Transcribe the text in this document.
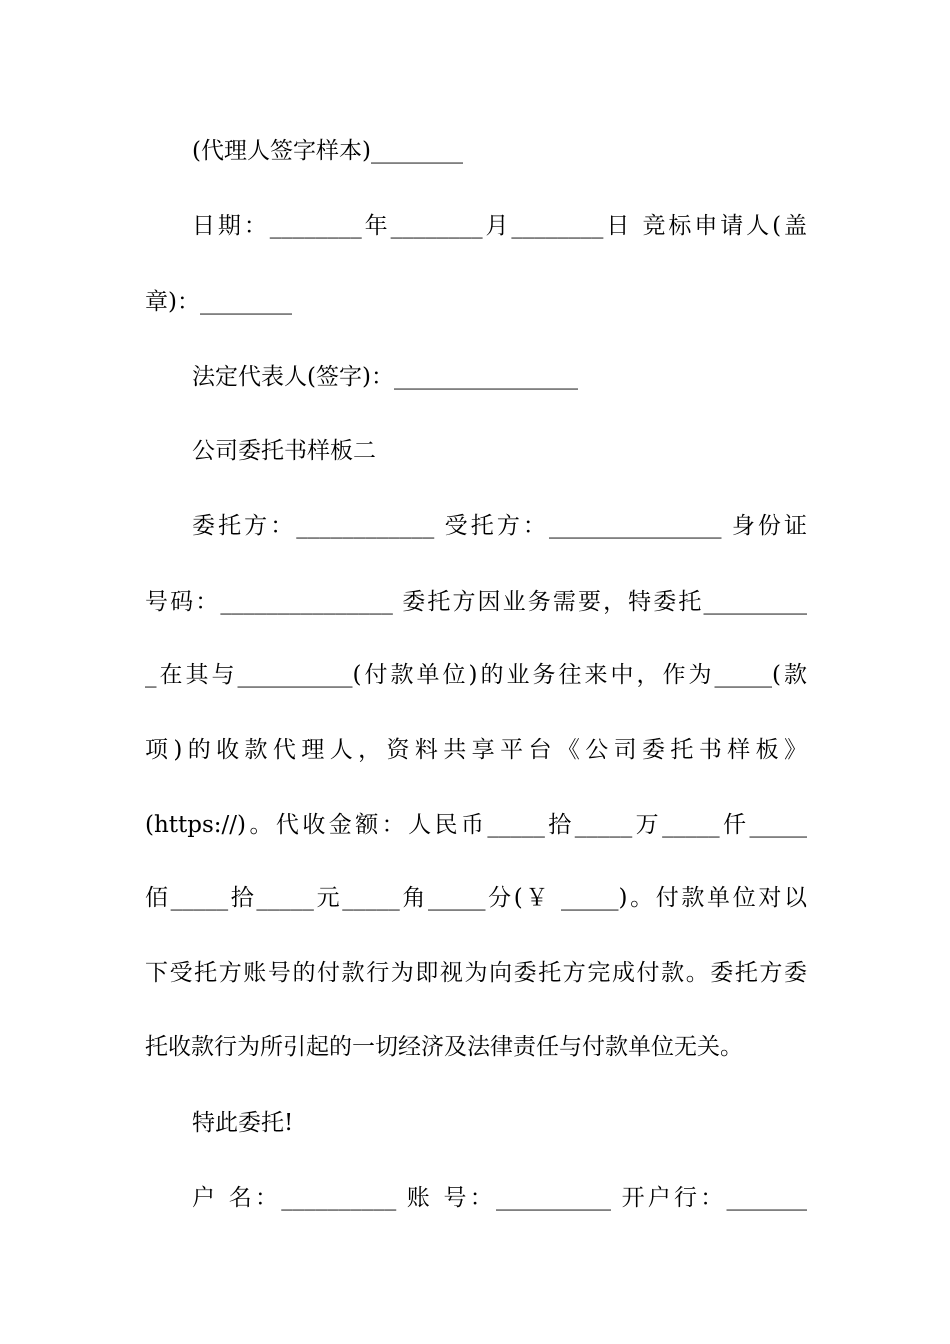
(代理人签字样本)________
日期：________年________月________日 竞标申请人(盖
章)：________
法定代表人(签字)：________________
公司委托书样板二
委托方：____________ 受托方：_______________ 身份证
号码：_______________ 委托方因业务需要，特委托_________
_在其与__________(付款单位)的业务往来中，作为_____(款
项)的收款代理人，资料共享平台《公司委托书样板》
(https://)。代收金额：人民币_____拾_____万_____仟_____
佰_____拾_____元_____角_____分(￥ _____)。付款单位对以
下受托方账号的付款行为即视为向委托方完成付款。委托方委
托收款行为所引起的一切经济及法律责任与付款单位无关。
特此委托!
户 名：__________ 账 号：__________ 开户行：_______
